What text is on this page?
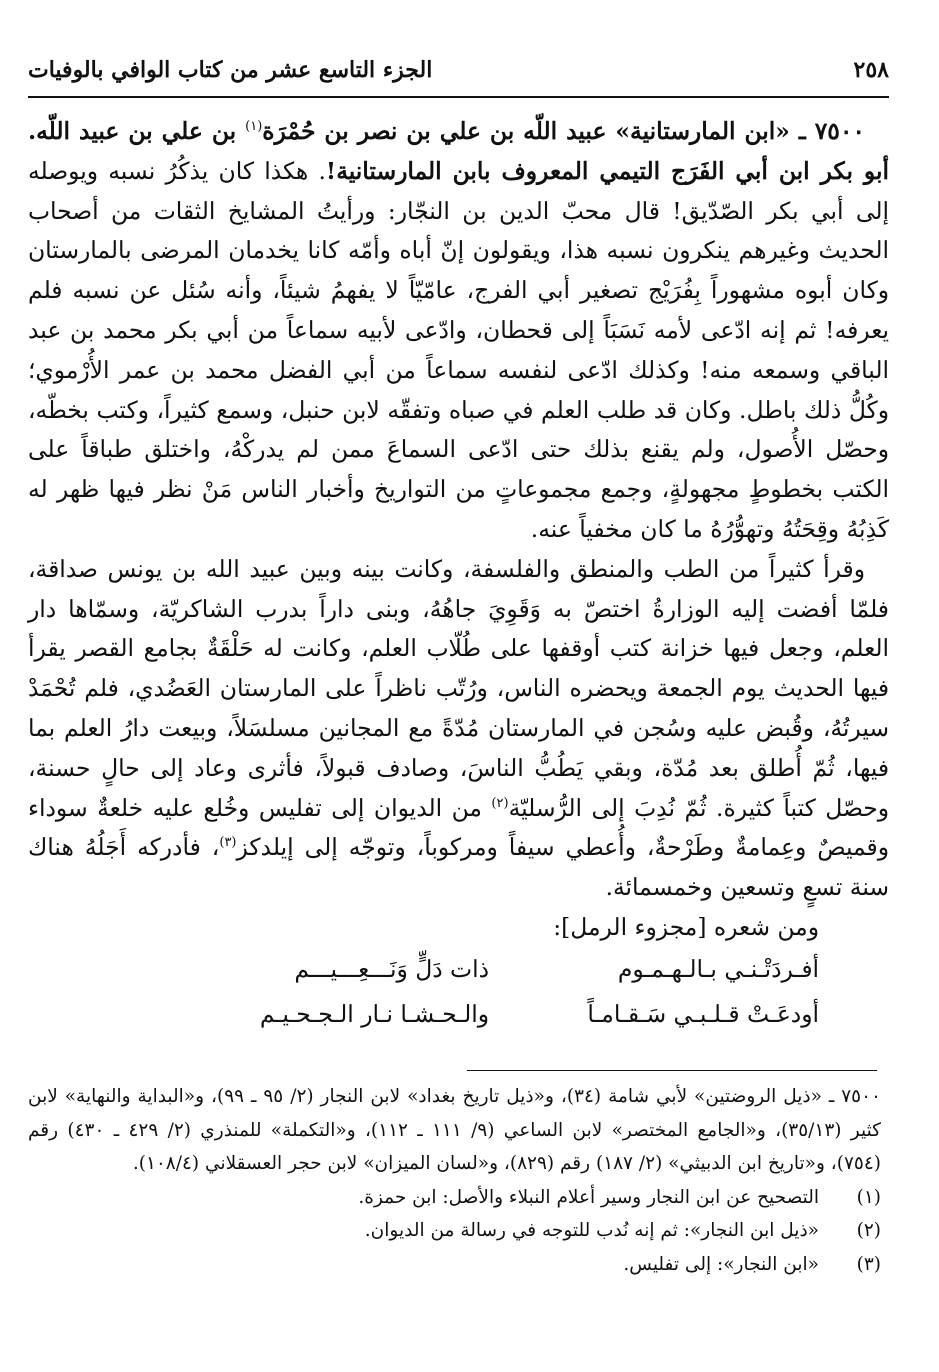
٢٥٨
الجزء التاسع عشر من كتاب الوافي بالوفيات

٧٥٠٠ ـ «ابن المارستانية» عبيد اللّه بن علي بن نصر بن حُمْرَة$^{(١)}$ بن علي بن عبيد اللّه. أبو بكر ابن أبي الفَرَج التيمي المعروف بابن المارستانية!. هكذا كان يذكُرُ نسبه ويوصله إلى أبي بكر الصّدّيق! قال محبّ الدين بن النجّار: ورأيتُ المشايخ الثقات من أصحاب الحديث وغيرهم ينكرون نسبه هذا، ويقولون إنّ أباه وأمّه كانا يخدمان المرضى بالمارستان وكان أبوه مشهوراً بِفُرَيْج تصغير أبي الفرج، عامّيّاً لا يفهمُ شيئاً، وأنه سُئل عن نسبه فلم يعرفه! ثم إنه ادّعى لأمه نَسَبَاً إلى قحطان، وادّعى لأبيه سماعاً من أبي بكر محمد بن عبد الباقي وسمعه منه! وكذلك ادّعى لنفسه سماعاً من أبي الفضل محمد بن عمر الأُرْموي؛ وكُلُّ ذلك باطل. وكان قد طلب العلم في صباه وتفقّه لابن حنبل، وسمع كثيراً، وكتب بخطّه، وحصّل الأُصول، ولم يقنع بذلك حتى ادّعى السماعَ ممن لم يدركْهُ، واختلق طباقاً على الكتب بخطوطٍ مجهولةٍ، وجمع مجموعاتٍ من التواريخ وأخبار الناس مَنْ نظر فيها ظهر له كَذِبُهُ وقِحَتُهُ وتهوُّرُهُ ما كان مخفياً عنه.

وقرأ كثيراً من الطب والمنطق والفلسفة، وكانت بينه وبين عبيد الله بن يونس صداقة، فلمّا أفضت إليه الوزارةُ اختصّ به وَقَوِيَ جاهُهُ، وبنى داراً بدرب الشاكريّة، وسمّاها دار العلم، وجعل فيها خزانة كتب أوقفها على طُلّاب العلم، وكانت له حَلْقَةٌ بجامع القصر يقرأ فيها الحديث يوم الجمعة ويحضره الناس، ورُتّب ناظراً على المارستان العَضُدي، فلم تُحْمَدْ سيرتُهُ، وقُبض عليه وسُجن في المارستان مُدّةً مع المجانين مسلسَلاً، وبيعت دارُ العلم بما فيها، ثُمّ أُطلق بعد مُدّة، وبقي يَطُبُّ الناسَ، وصادف قبولاً، فأثرى وعاد إلى حالٍ حسنة، وحصّل كتباً كثيرة. ثُمّ نُدِبَ إلى الرُّسليّة$^{(٢)}$ من الديوان إلى تفليس وخُلع عليه خلعةٌ سوداء وقميصٌ وعِمامةٌ وطَرْحةٌ، وأُعطي سيفاً ومركوباً، وتوجّه إلى إيلدكز$^{(٣)}$، فأدركه أَجَلُهُ هناك سنة تسعٍ وتسعين وخمسمائة.

ومن شعره [مجزوء الرمل]:
أفـردَتْـنـي بـالـهـمـوم
ذات دَلٍّ وَنَـــعِـــيـــم
أودعَـتْ قـلـبـي سَـقـامـاً
والـحـشـا نـار الـجـحـيـم

٧٥٠٠ ـ «ذيل الروضتين» لأبي شامة (٣٤)، و«ذيل تاريخ بغداد» لابن النجار (٢/ ٩٥ ـ ٩٩)، و«البداية والنهاية» لابن كثير (٣٥/١٣)، و«الجامع المختصر» لابن الساعي (٩/ ١١١ ـ ١١٢)، و«التكملة» للمنذري (٢/ ٤٢٩ ـ ٤٣٠) رقم (٧٥٤)، و«تاريخ ابن الدبيثي» (٢/ ١٨٧) رقم (٨٢٩)، و«لسان الميزان» لابن حجر العسقلاني (١٠٨/٤).

(١)
التصحيح عن ابن النجار وسير أعلام النبلاء والأصل: ابن حمزة.
(٢)
«ذيل ابن النجار»: ثم إنه نُدب للتوجه في رسالة من الديوان.
(٣)
«ابن النجار»: إلى تفليس.
